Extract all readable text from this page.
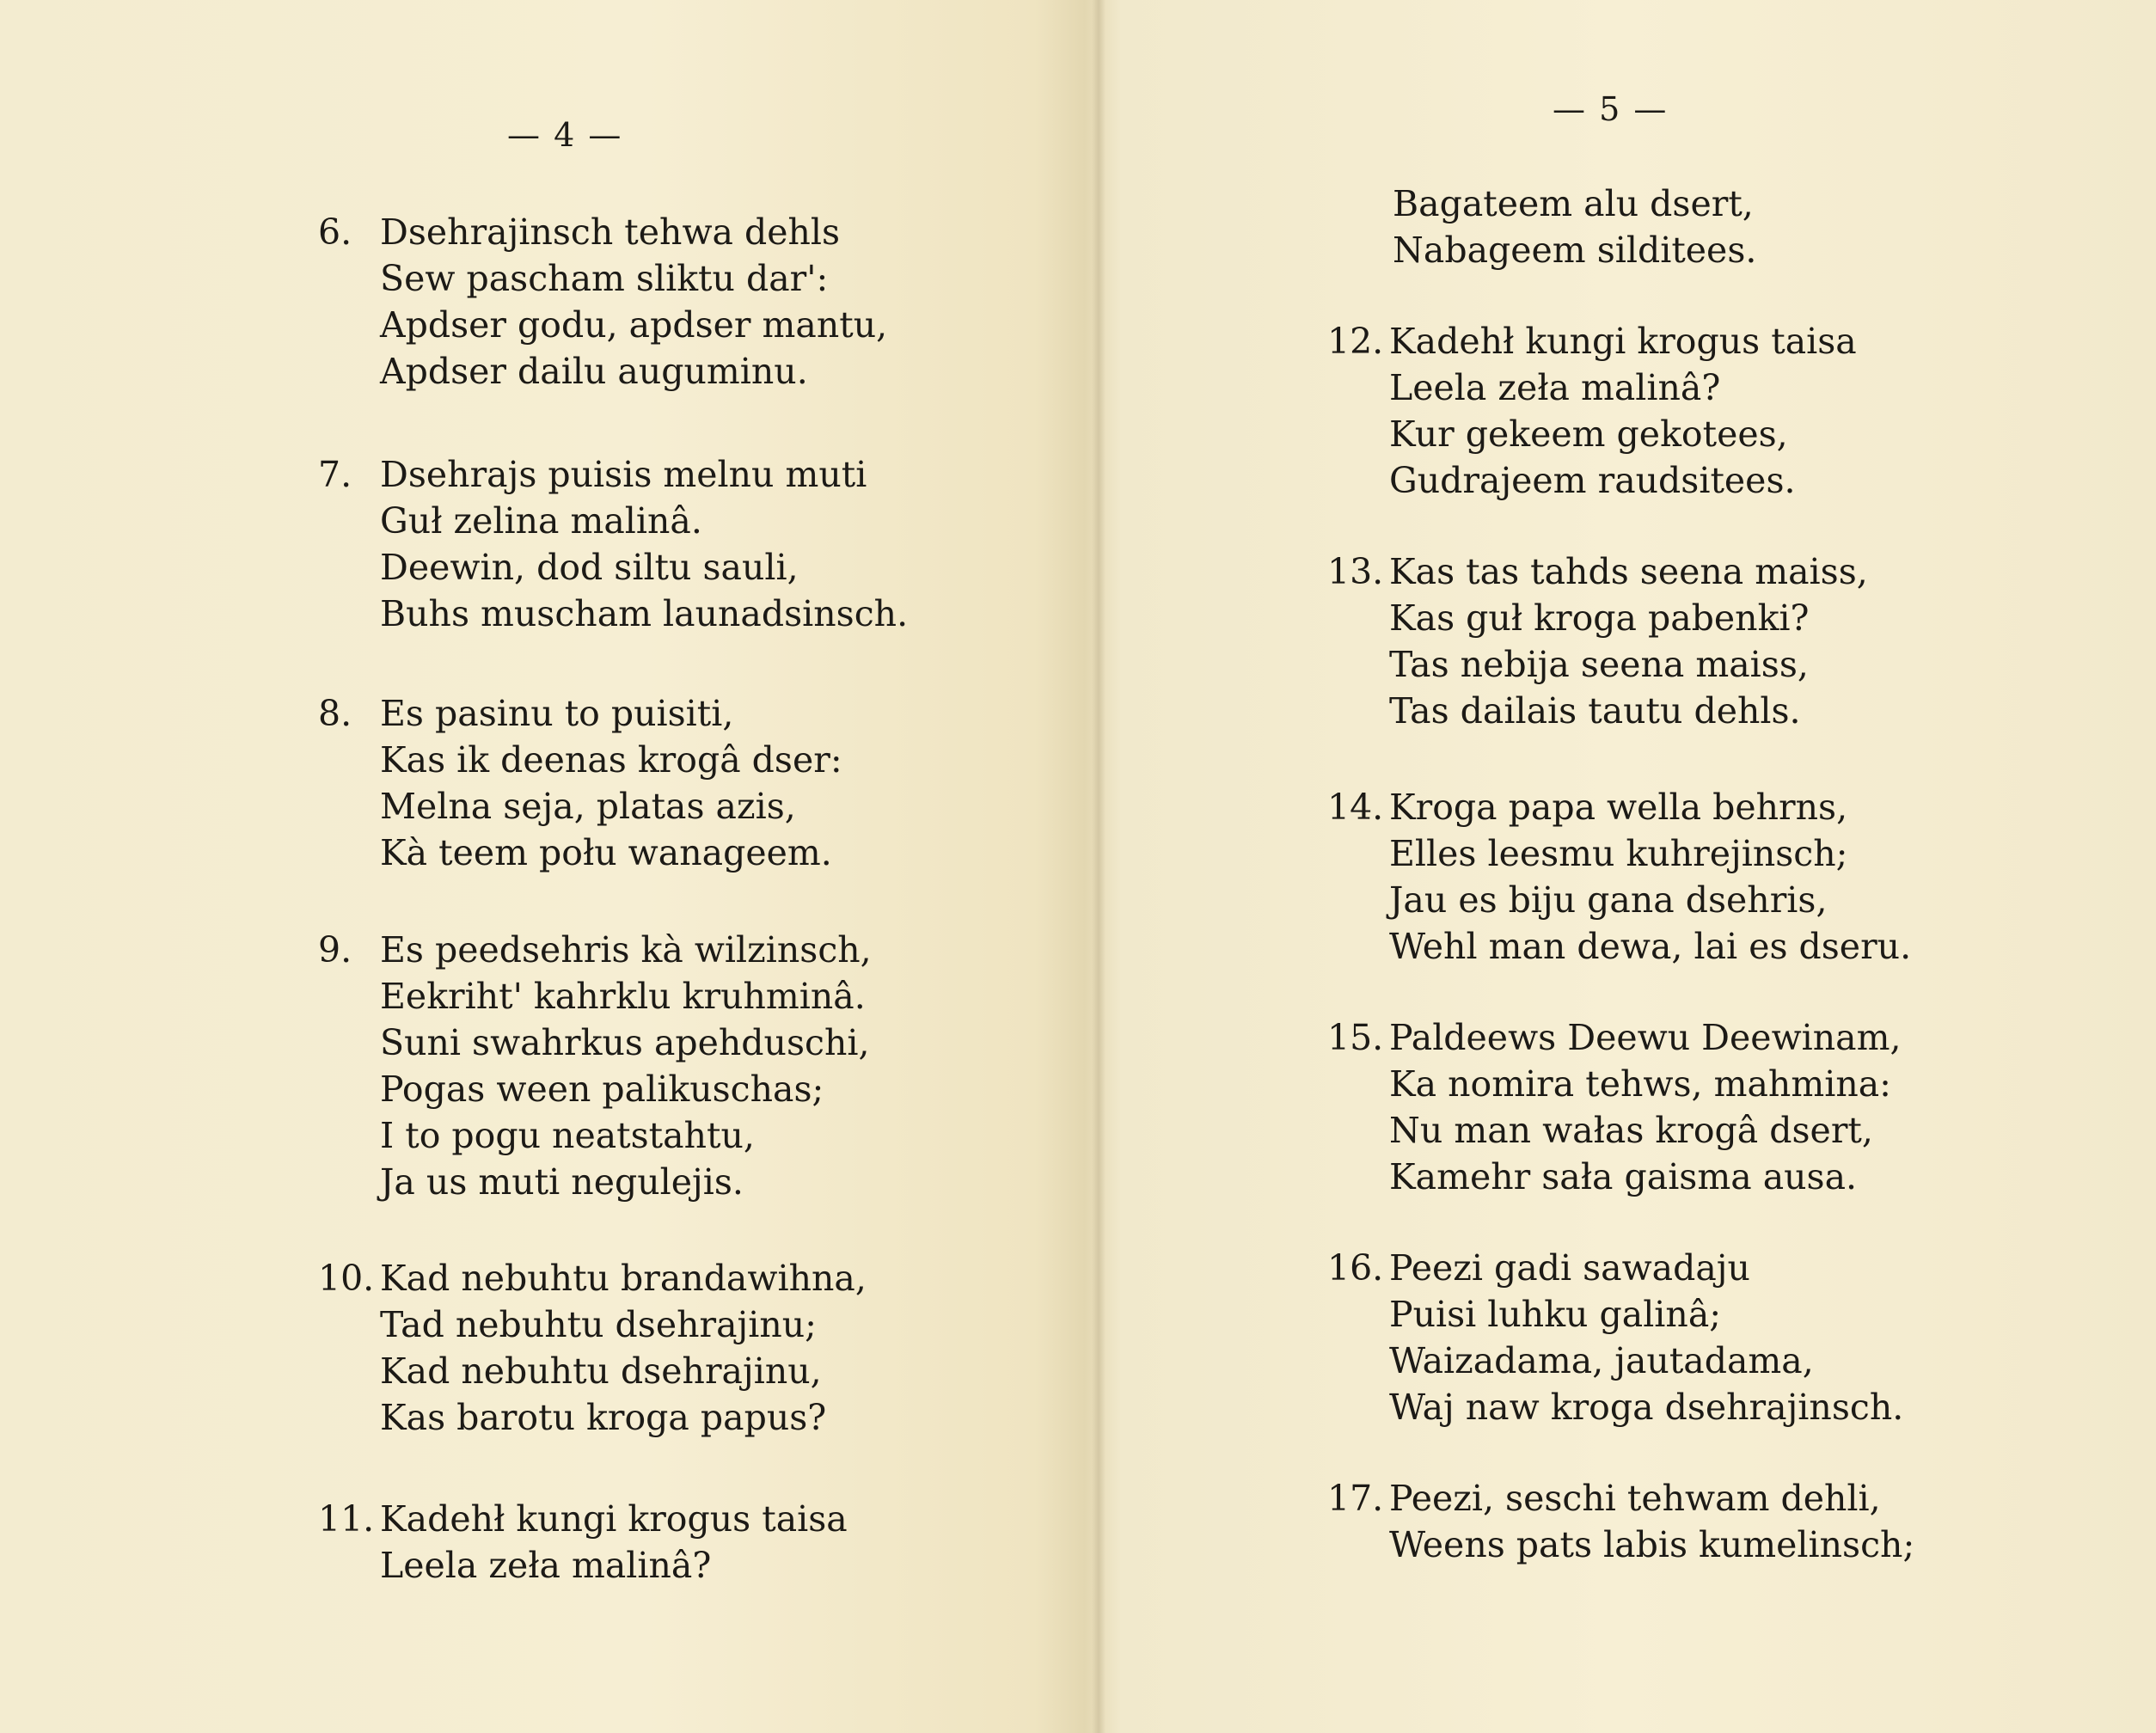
— 4 —
6. Dsehrajinsch tehwa dehls
Sew pascham sliktu dar':
Apdser godu, apdser mantu,
Apdser dailu auguminu.
7. Dsehrajs puisis melnu muti
Guł zelina malinâ.
Deewin, dod siltu sauli,
Buhs muscham launadsinsch.
8. Es pasinu to puisiti,
Kas ik deenas krogâ dser:
Melna seja, platas azis,
Kà teem połu wanageem.
9. Es peedsehris kà wilzinsch,
Eekriht' kahrklu kruhminâ.
Suni swahrkus apehduschi,
Pogas ween palikuschas;
I to pogu neatstahtu,
Ja us muti negulejis.
10. Kad nebuhtu brandawihna,
Tad nebuhtu dsehrajinu;
Kad nebuhtu dsehrajinu,
Kas barotu kroga papus?
11. Kadehł kungi krogus taisa
Leela zeła malinâ?
— 5 —
Bagateem alu dsert,
Nabageem silditees.
12. Kadehł kungi krogus taisa
Leela zeła malinâ?
Kur gekeem gekotees,
Gudrajeem raudsitees.
13. Kas tas tahds seena maiss,
Kas guł kroga pabenki?
Tas nebija seena maiss,
Tas dailais tautu dehls.
14. Kroga papa wella behrns,
Elles leesmu kuhrejinsch;
Jau es biju gana dsehris,
Wehl man dewa, lai es dseru.
15. Paldeews Deewu Deewinam,
Ka nomira tehws, mahmina:
Nu man wałas krogâ dsert,
Kamehr sała gaisma ausa.
16. Peezi gadi sawadaju
Puisi luhku galinâ;
Waizadama, jautadama,
Waj naw kroga dsehrajinsch.
17. Peezi, seschi tehwam dehli,
Weens pats labis kumelinsch;
